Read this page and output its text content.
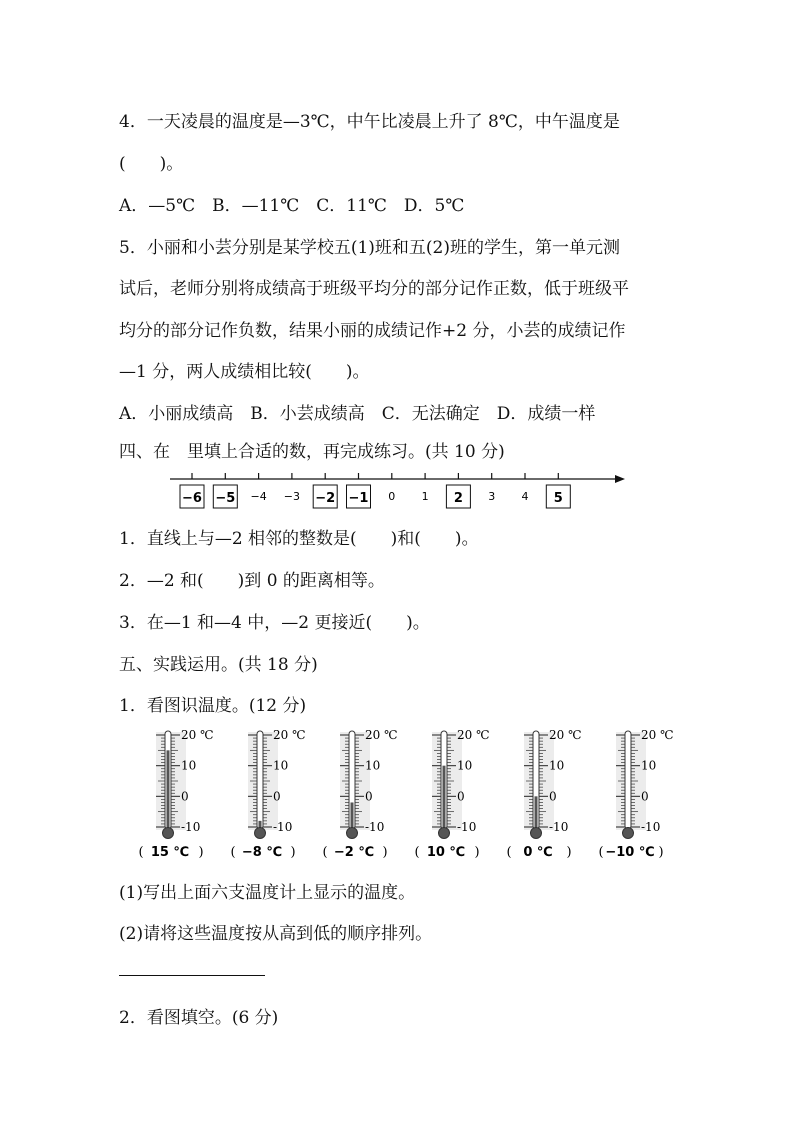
4．一天凌晨的温度是—3℃，中午比凌晨上升了 8℃，中午温度是
(　　)。
A．—5℃　B．—11℃　C．11℃　D．5℃
5．小丽和小芸分别是某学校五(1)班和五(2)班的学生，第一单元测
试后，老师分别将成绩高于班级平均分的部分记作正数，低于班级平
均分的部分记作负数，结果小丽的成绩记作+2 分，小芸的成绩记作
—1 分，两人成绩相比较(　　)。
A．小丽成绩高　B．小芸成绩高　C．无法确定　D．成绩一样
四、在　里填上合适的数，再完成练习。(共 10 分)
−6 −5 −4 −3 −2 −1 0 1 2 3 4 5
1．直线上与—2 相邻的整数是(　　)和(　　)。
2．—2 和(　　)到 0 的距离相等。
3．在—1 和—4 中，—2 更接近(　　)。
五、实践运用。(共 18 分)
1．看图识温度。(12 分)
20 ℃
10
0
-10
15 ℃
(	)
20 ℃
10
0
-10
−8 ℃
(	)
20 ℃
10
0
-10
−2 ℃
(	)
20 ℃
10
0
-10
10 ℃
(	)
20 ℃
10
0
-10
0 ℃
(	)
20 ℃
10
0
-10
−10 ℃
(	)
(1)写出上面六支温度计上显示的温度。
(2)请将这些温度按从高到低的顺序排列。
2．看图填空。(6 分)
